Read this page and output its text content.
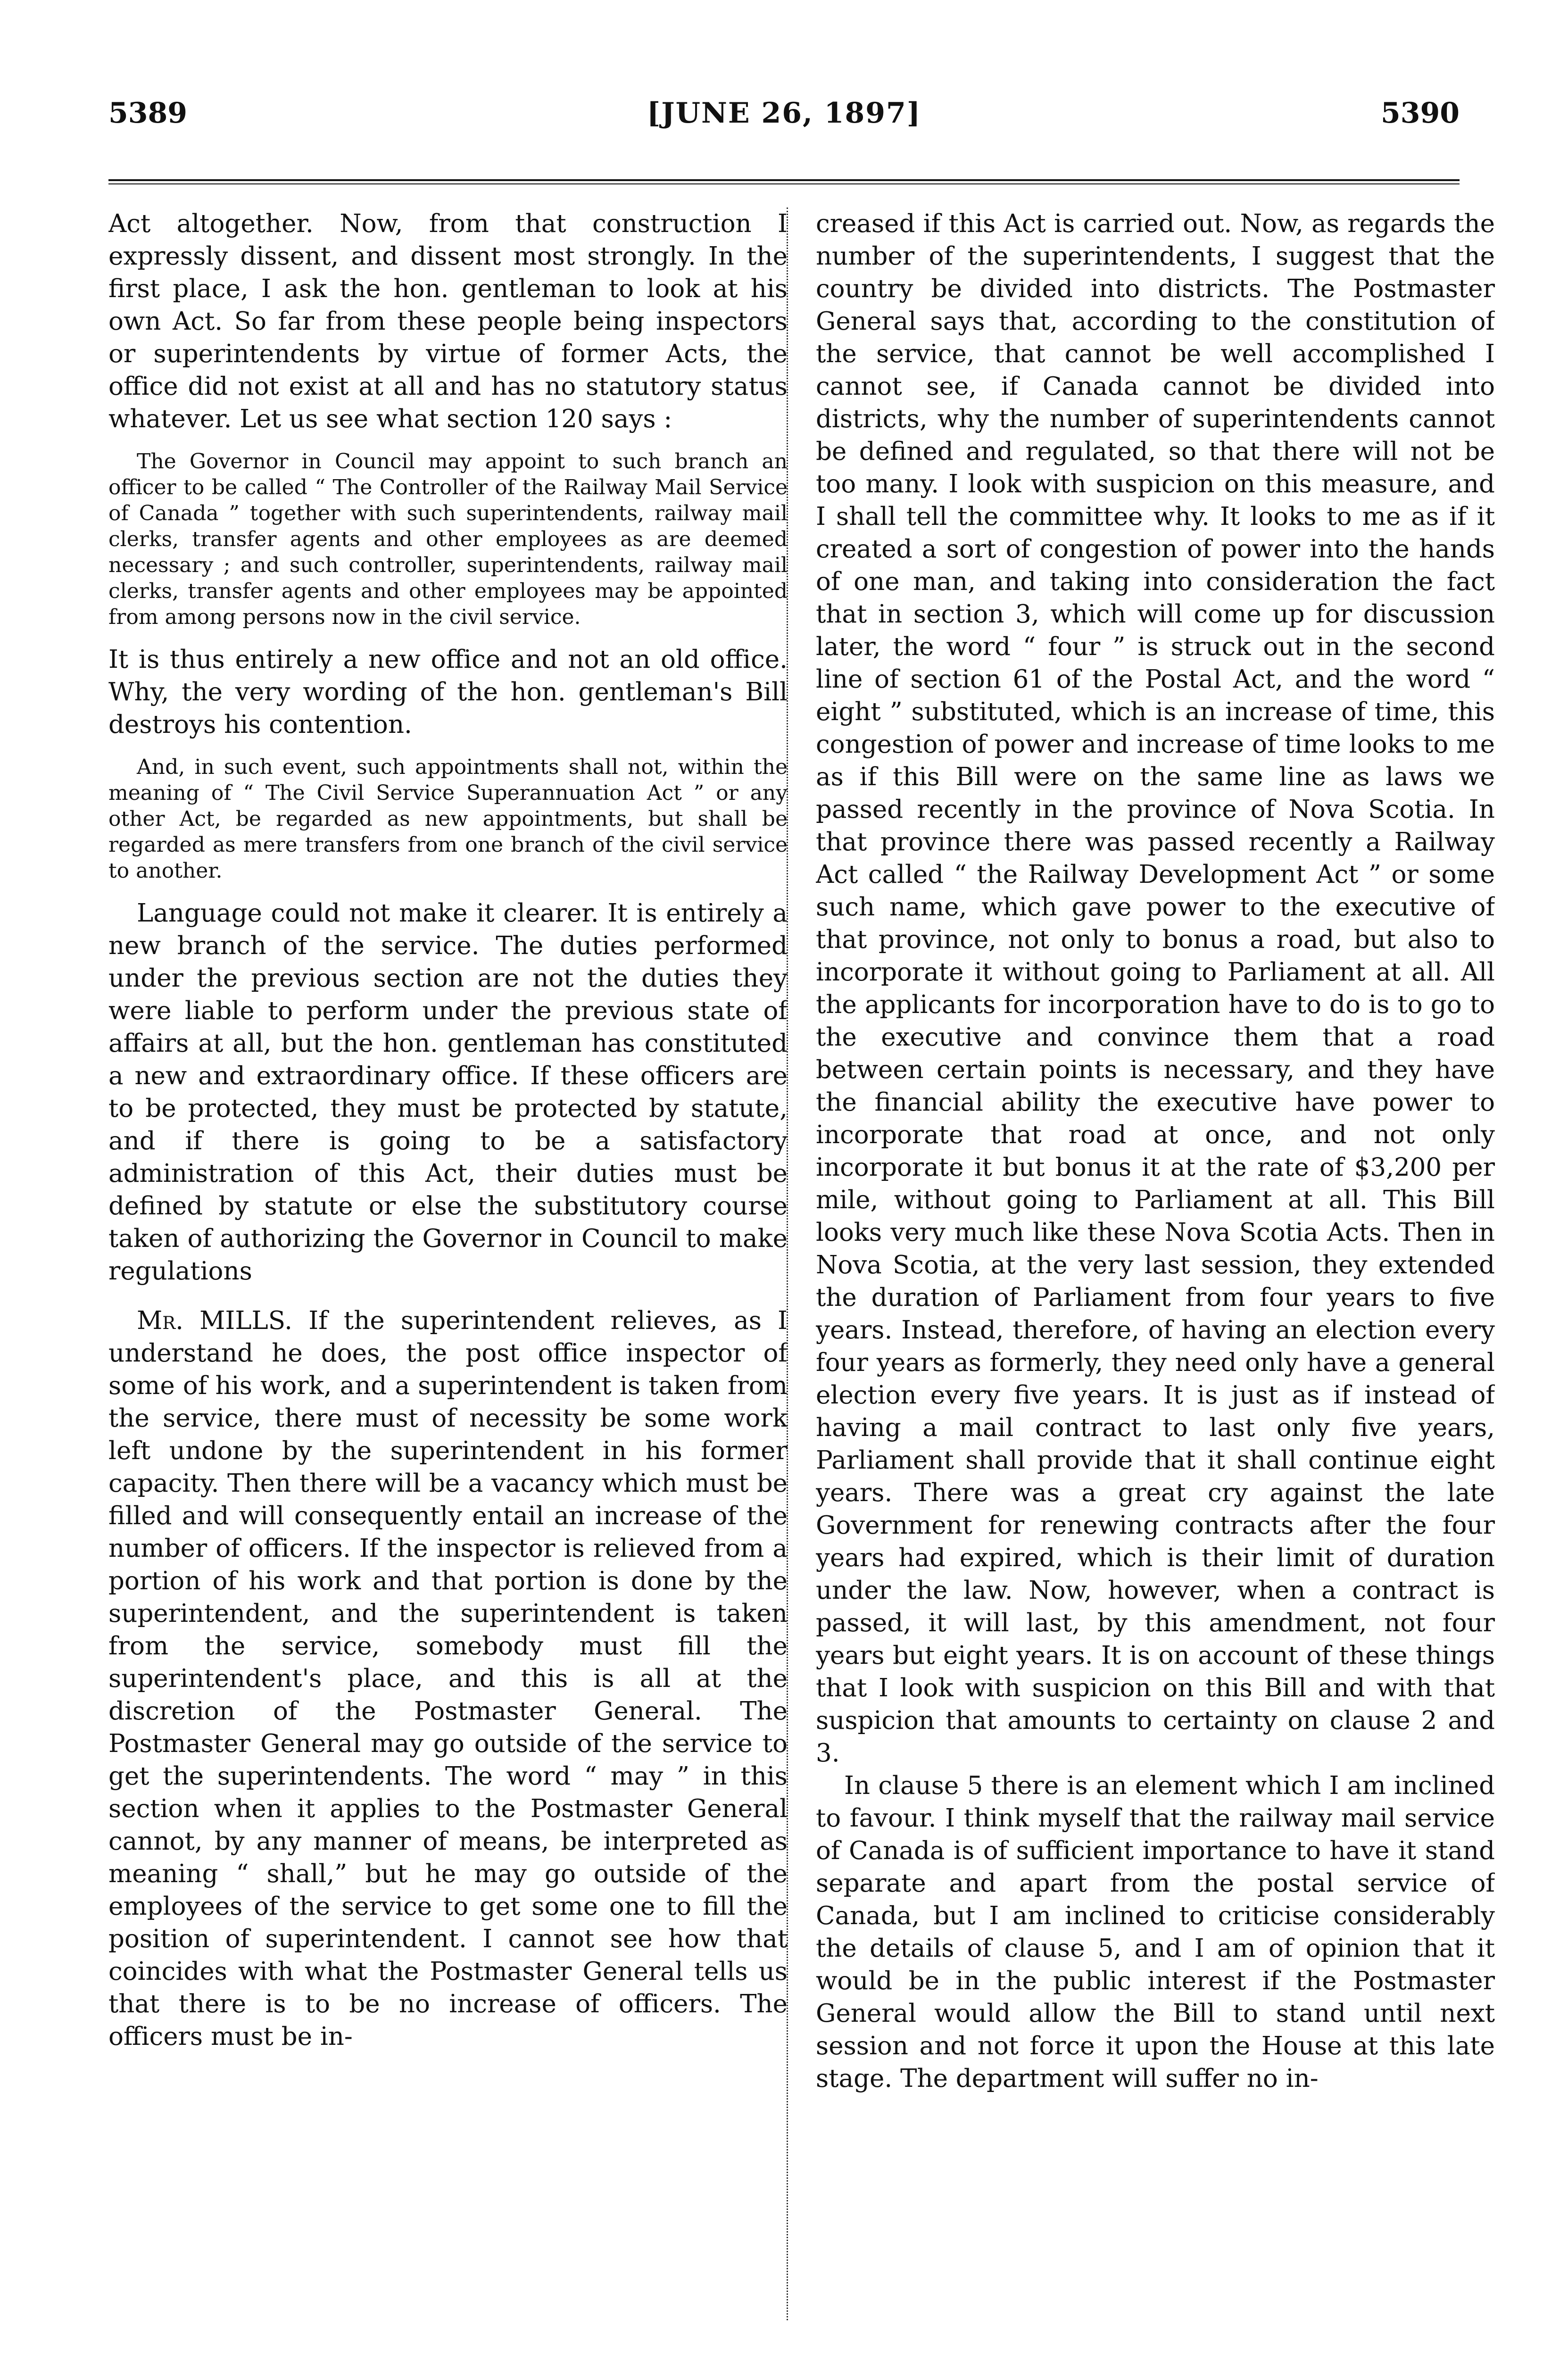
5389	[JUNE 26, 1897]	5390

Act altogether. Now, from that construction I expressly dissent, and dissent most strongly. In the first place, I ask the hon. gentleman to look at his own Act. So far from these people being inspectors or superintendents by virtue of former Acts, the office did not exist at all and has no statutory status whatever. Let us see what section 120 says :

The Governor in Council may appoint to such branch an officer to be called “ The Controller of the Railway Mail Service of Canada ” together with such superintendents, railway mail clerks, transfer agents and other employees as are deemed necessary ; and such controller, superintendents, railway mail clerks, transfer agents and other employees may be appointed from among persons now in the civil service.

It is thus entirely a new office and not an old office. Why, the very wording of the hon. gentleman's Bill destroys his contention.

And, in such event, such appointments shall not, within the meaning of “ The Civil Service Superannuation Act ” or any other Act, be regarded as new appointments, but shall be regarded as mere transfers from one branch of the civil service to another.

Language could not make it clearer. It is entirely a new branch of the service. The duties performed under the previous section are not the duties they were liable to perform under the previous state of affairs at all, but the hon. gentleman has constituted a new and extraordinary office. If these officers are to be protected, they must be protected by statute, and if there is going to be a satisfactory administration of this Act, their duties must be defined by statute or else the substitutory course taken of authorizing the Governor in Council to make regulations

Mr. MILLS. If the superintendent relieves, as I understand he does, the post office inspector of some of his work, and a superintendent is taken from the service, there must of necessity be some work left undone by the superintendent in his former capacity. Then there will be a vacancy which must be filled and will consequently entail an increase of the number of officers. If the inspector is relieved from a portion of his work and that portion is done by the superintendent, and the superintendent is taken from the service, somebody must fill the superintendent's place, and this is all at the discretion of the Postmaster General. The Postmaster General may go outside of the service to get the superintendents. The word “ may ” in this section when it applies to the Postmaster General cannot, by any manner of means, be interpreted as meaning “ shall,” but he may go outside of the employees of the service to get some one to fill the position of superintendent. I cannot see how that coincides with what the Postmaster General tells us that there is to be no increase of officers. The officers must be in-

creased if this Act is carried out. Now, as regards the number of the superintendents, I suggest that the country be divided into districts. The Postmaster General says that, according to the constitution of the service, that cannot be well accomplished I cannot see, if Canada cannot be divided into districts, why the number of superintendents cannot be defined and regulated, so that there will not be too many. I look with suspicion on this measure, and I shall tell the committee why. It looks to me as if it created a sort of congestion of power into the hands of one man, and taking into consideration the fact that in section 3, which will come up for discussion later, the word “ four ” is struck out in the second line of section 61 of the Postal Act, and the word “ eight ” substituted, which is an increase of time, this congestion of power and increase of time looks to me as if this Bill were on the same line as laws we passed recently in the province of Nova Scotia. In that province there was passed recently a Railway Act called “ the Railway Development Act ” or some such name, which gave power to the executive of that province, not only to bonus a road, but also to incorporate it without going to Parliament at all. All the applicants for incorporation have to do is to go to the executive and convince them that a road between certain points is necessary, and they have the financial ability the executive have power to incorporate that road at once, and not only incorporate it but bonus it at the rate of $3,200 per mile, without going to Parliament at all. This Bill looks very much like these Nova Scotia Acts. Then in Nova Scotia, at the very last session, they extended the duration of Parliament from four years to five years. Instead, therefore, of having an election every four years as formerly, they need only have a general election every five years. It is just as if instead of having a mail contract to last only five years, Parliament shall provide that it shall continue eight years. There was a great cry against the late Government for renewing contracts after the four years had expired, which is their limit of duration under the law. Now, however, when a contract is passed, it will last, by this amendment, not four years but eight years. It is on account of these things that I look with suspicion on this Bill and with that suspicion that amounts to certainty on clause 2 and 3.

In clause 5 there is an element which I am inclined to favour. I think myself that the railway mail service of Canada is of sufficient importance to have it stand separate and apart from the postal service of Canada, but I am inclined to criticise considerably the details of clause 5, and I am of opinion that it would be in the public interest if the Postmaster General would allow the Bill to stand until next session and not force it upon the House at this late stage. The department will suffer no in-
